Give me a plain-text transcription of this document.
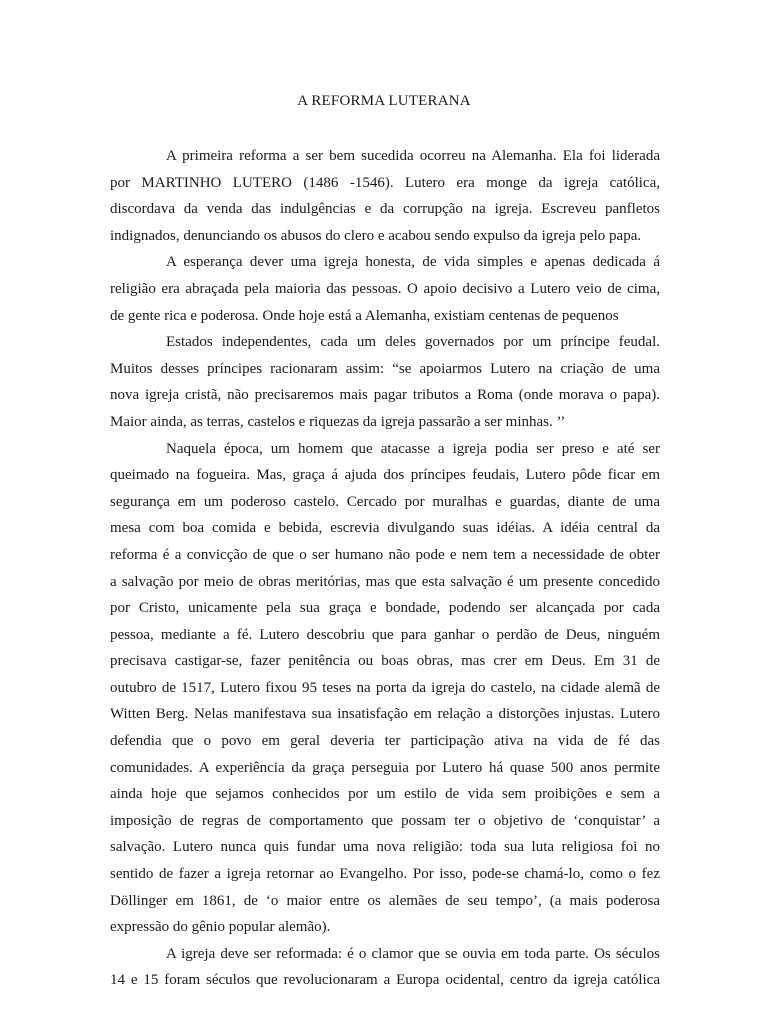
A REFORMA LUTERANA
A primeira reforma a ser bem sucedida ocorreu na Alemanha. Ela foi liderada
por MARTINHO LUTERO (1486 -1546). Lutero era monge da igreja católica,
discordava da venda das indulgências e da corrupção na igreja. Escreveu panfletos
indignados, denunciando os abusos do clero e acabou sendo expulso da igreja pelo papa.
A esperança dever uma igreja honesta, de vida simples e apenas dedicada á
religião era abraçada pela maioria das pessoas. O apoio decisivo a Lutero veio de cima,
de gente rica e poderosa. Onde hoje está a Alemanha, existiam centenas de pequenos
Estados independentes, cada um deles governados por um príncipe feudal.
Muitos desses príncipes racionaram assim: “se apoiarmos Lutero na criação de uma
nova igreja cristã, não precisaremos mais pagar tributos a Roma (onde morava o papa).
Maior ainda, as terras, castelos e riquezas da igreja passarão a ser minhas. ’’
Naquela época, um homem que atacasse a igreja podia ser preso e até ser
queimado na fogueira. Mas, graça á ajuda dos príncipes feudais, Lutero pôde ficar em
segurança em um poderoso castelo. Cercado por muralhas e guardas, diante de uma
mesa com boa comida e bebida, escrevia divulgando suas idéias. A idéia central da
reforma é a convicção de que o ser humano não pode e nem tem a necessidade de obter
a salvação por meio de obras meritórias, mas que esta salvação é um presente concedido
por Cristo, unicamente pela sua graça e bondade, podendo ser alcançada por cada
pessoa, mediante a fé. Lutero descobriu que para ganhar o perdão de Deus, ninguém
precisava castigar-se, fazer penitência ou boas obras, mas crer em Deus. Em 31 de
outubro de 1517, Lutero fixou 95 teses na porta da igreja do castelo, na cidade alemã de
Witten Berg. Nelas manifestava sua insatisfação em relação a distorções injustas. Lutero
defendia que o povo em geral deveria ter participação ativa na vida de fé das
comunidades. A experiência da graça perseguia por Lutero há quase 500 anos permite
ainda hoje que sejamos conhecidos por um estilo de vida sem proibições e sem a
imposição de regras de comportamento que possam ter o objetivo de ‘conquistar’ a
salvação. Lutero nunca quis fundar uma nova religião: toda sua luta religiosa foi no
sentido de fazer a igreja retornar ao Evangelho. Por isso, pode-se chamá-lo, como o fez
Döllinger em 1861, de ‘o maior entre os alemães de seu tempo’, (a mais poderosa
expressão do gênio popular alemão).
A igreja deve ser reformada: é o clamor que se ouvia em toda parte. Os séculos
14 e 15 foram séculos que revolucionaram a Europa ocidental, centro da igreja católica
